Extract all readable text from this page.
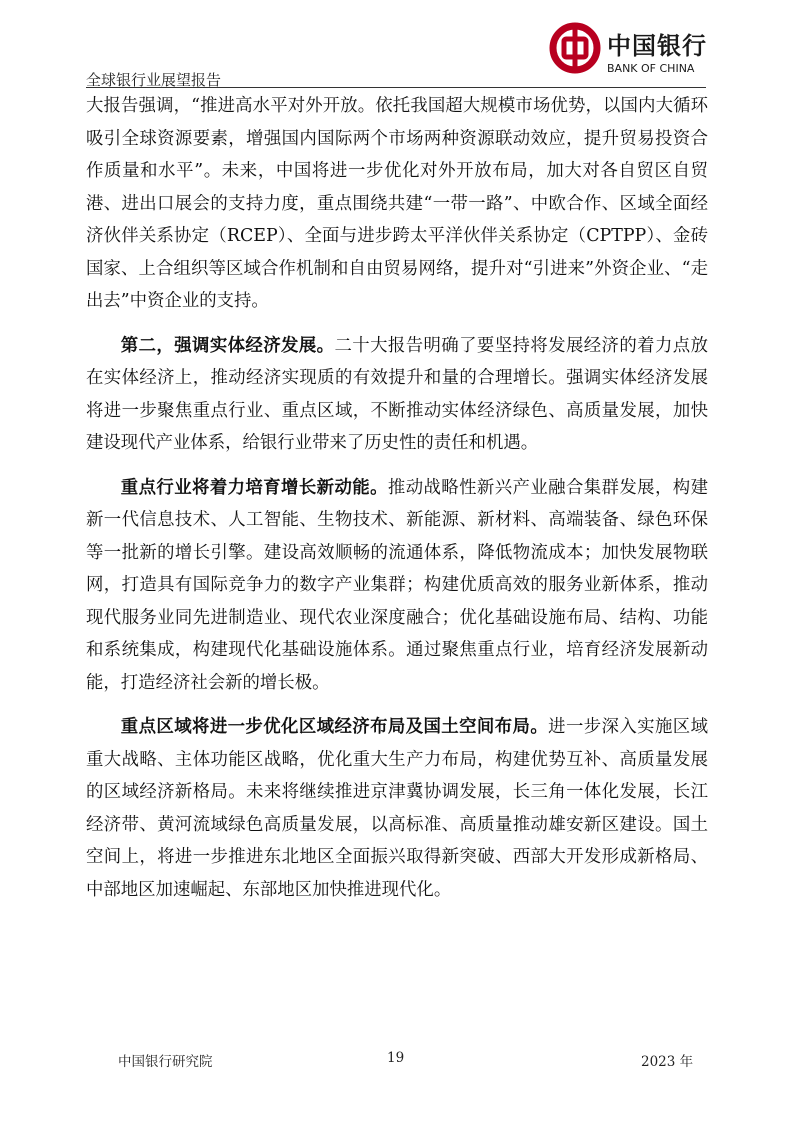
全球银行业展望报告
中国银行
BANK OF CHINA

大报告强调，“推进高水平对外开放。依托我国超大规模市场优势，以国内大循环吸引全球资源要素，增强国内国际两个市场两种资源联动效应，提升贸易投资合作质量和水平”。未来，中国将进一步优化对外开放布局，加大对各自贸区自贸港、进出口展会的支持力度，重点围绕共建“一带一路”、中欧合作、区域全面经济伙伴关系协定（RCEP）、全面与进步跨太平洋伙伴关系协定（CPTPP）、金砖国家、上合组织等区域合作机制和自由贸易网络，提升对“引进来”外资企业、“走出去”中资企业的支持。

第二，强调实体经济发展。二十大报告明确了要坚持将发展经济的着力点放在实体经济上，推动经济实现质的有效提升和量的合理增长。强调实体经济发展将进一步聚焦重点行业、重点区域，不断推动实体经济绿色、高质量发展，加快建设现代产业体系，给银行业带来了历史性的责任和机遇。

重点行业将着力培育增长新动能。推动战略性新兴产业融合集群发展，构建新一代信息技术、人工智能、生物技术、新能源、新材料、高端装备、绿色环保等一批新的增长引擎。建设高效顺畅的流通体系，降低物流成本；加快发展物联网，打造具有国际竞争力的数字产业集群；构建优质高效的服务业新体系，推动现代服务业同先进制造业、现代农业深度融合；优化基础设施布局、结构、功能和系统集成，构建现代化基础设施体系。通过聚焦重点行业，培育经济发展新动能，打造经济社会新的增长极。

重点区域将进一步优化区域经济布局及国土空间布局。进一步深入实施区域重大战略、主体功能区战略，优化重大生产力布局，构建优势互补、高质量发展的区域经济新格局。未来将继续推进京津冀协调发展，长三角一体化发展，长江经济带、黄河流域绿色高质量发展，以高标准、高质量推动雄安新区建设。国土空间上，将进一步推进东北地区全面振兴取得新突破、西部大开发形成新格局、中部地区加速崛起、东部地区加快推进现代化。

中国银行研究院	19	2023 年
